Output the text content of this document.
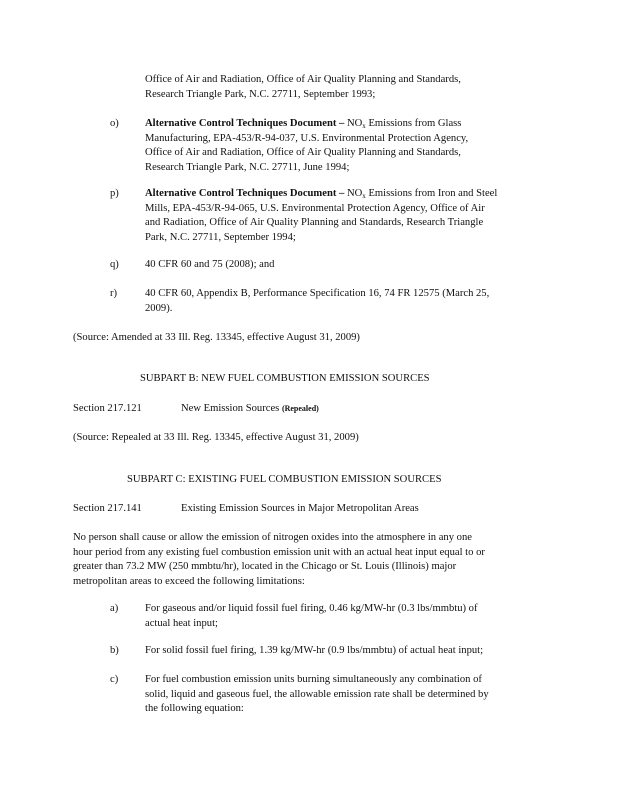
Office of Air and Radiation, Office of Air Quality Planning and Standards,
Research Triangle Park, N.C. 27711, September 1993;
o) Alternative Control Techniques Document – $NO_x$ Emissions from Glass
Manufacturing, EPA-453/R-94-037, U.S. Environmental Protection Agency,
Office of Air and Radiation, Office of Air Quality Planning and Standards,
Research Triangle Park, N.C. 27711, June 1994;
p) Alternative Control Techniques Document – $NO_x$ Emissions from Iron and Steel
Mills, EPA-453/R-94-065, U.S. Environmental Protection Agency, Office of Air
and Radiation, Office of Air Quality Planning and Standards, Research Triangle
Park, N.C. 27711, September 1994;
q) 40 CFR 60 and 75 (2008); and
r)	40 CFR 60, Appendix B, Performance Specification 16, 74 FR 12575 (March 25,
2009).
(Source: Amended at 33 Ill. Reg. 13345, effective August 31, 2009)
SUBPART B: NEW FUEL COMBUSTION EMISSION SOURCES
Section 217.121	New Emission Sources (Repealed)
(Source: Repealed at 33 Ill. Reg. 13345, effective August 31, 2009)
SUBPART C: EXISTING FUEL COMBUSTION EMISSION SOURCES
Section 217.141	Existing Emission Sources in Major Metropolitan Areas
No person shall cause or allow the emission of nitrogen oxides into the atmosphere in any one
hour period from any existing fuel combustion emission unit with an actual heat input equal to or
greater than 73.2 MW (250 mmbtu/hr), located in the Chicago or St. Louis (Illinois) major
metropolitan areas to exceed the following limitations:
a)	For gaseous and/or liquid fossil fuel firing, 0.46 kg/MW-hr (0.3 lbs/mmbtu) of
actual heat input;
b) For solid fossil fuel firing, 1.39 kg/MW-hr (0.9 lbs/mmbtu) of actual heat input;
c)	For fuel combustion emission units burning simultaneously any combination of
solid, liquid and gaseous fuel, the allowable emission rate shall be determined by
the following equation:
